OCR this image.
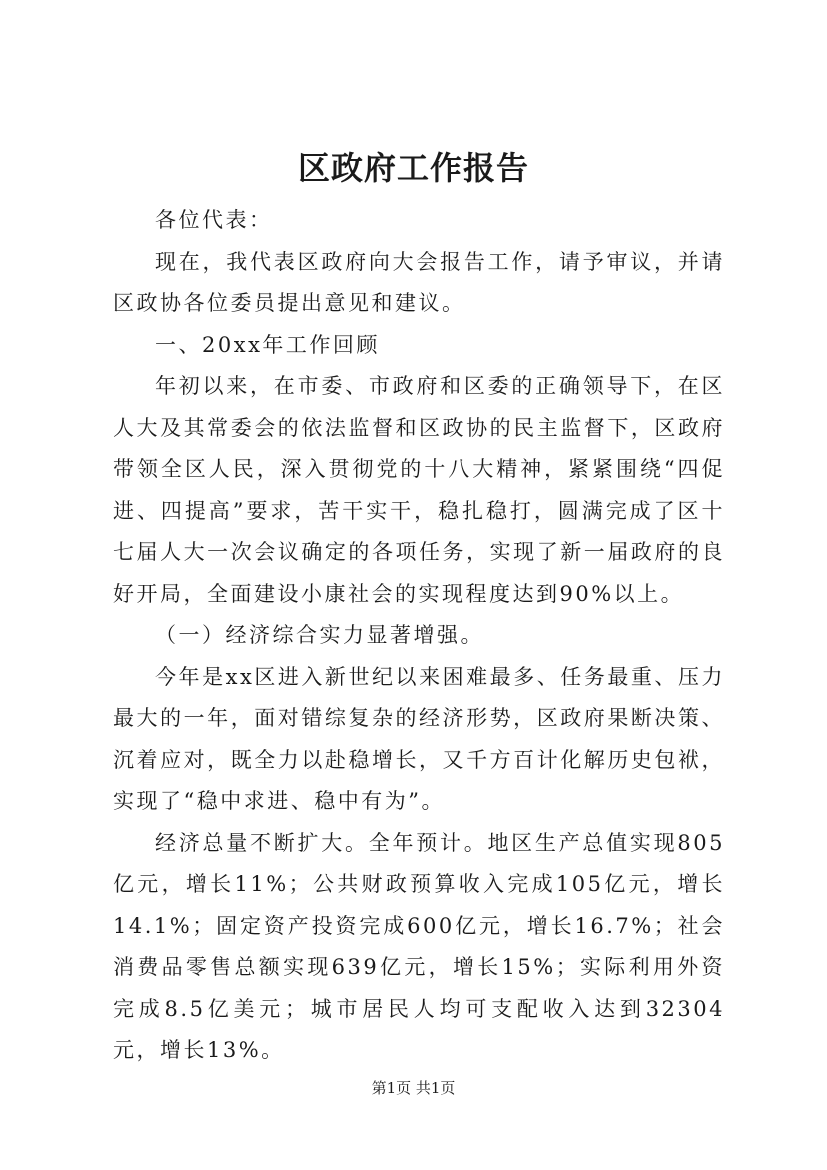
区政府工作报告

各位代表：

现在，我代表区政府向大会报告工作，请予审议，并请区政协各位委员提出意见和建议。

一、20xx年工作回顾

年初以来，在市委、市政府和区委的正确领导下，在区人大及其常委会的依法监督和区政协的民主监督下，区政府带领全区人民，深入贯彻党的十八大精神，紧紧围绕“四促进、四提高”要求，苦干实干，稳扎稳打，圆满完成了区十七届人大一次会议确定的各项任务，实现了新一届政府的良好开局，全面建设小康社会的实现程度达到90%以上。

（一）经济综合实力显著增强。

今年是xx区进入新世纪以来困难最多、任务最重、压力最大的一年，面对错综复杂的经济形势，区政府果断决策、沉着应对，既全力以赴稳增长，又千方百计化解历史包袱，实现了“稳中求进、稳中有为”。

经济总量不断扩大。全年预计。地区生产总值实现805亿元，增长11%；公共财政预算收入完成105亿元，增长14.1%；固定资产投资完成600亿元，增长16.7%；社会消费品零售总额实现639亿元，增长15%；实际利用外资完成8.5亿美元；城市居民人均可支配收入达到32304元，增长13%。

第1页 共1页
